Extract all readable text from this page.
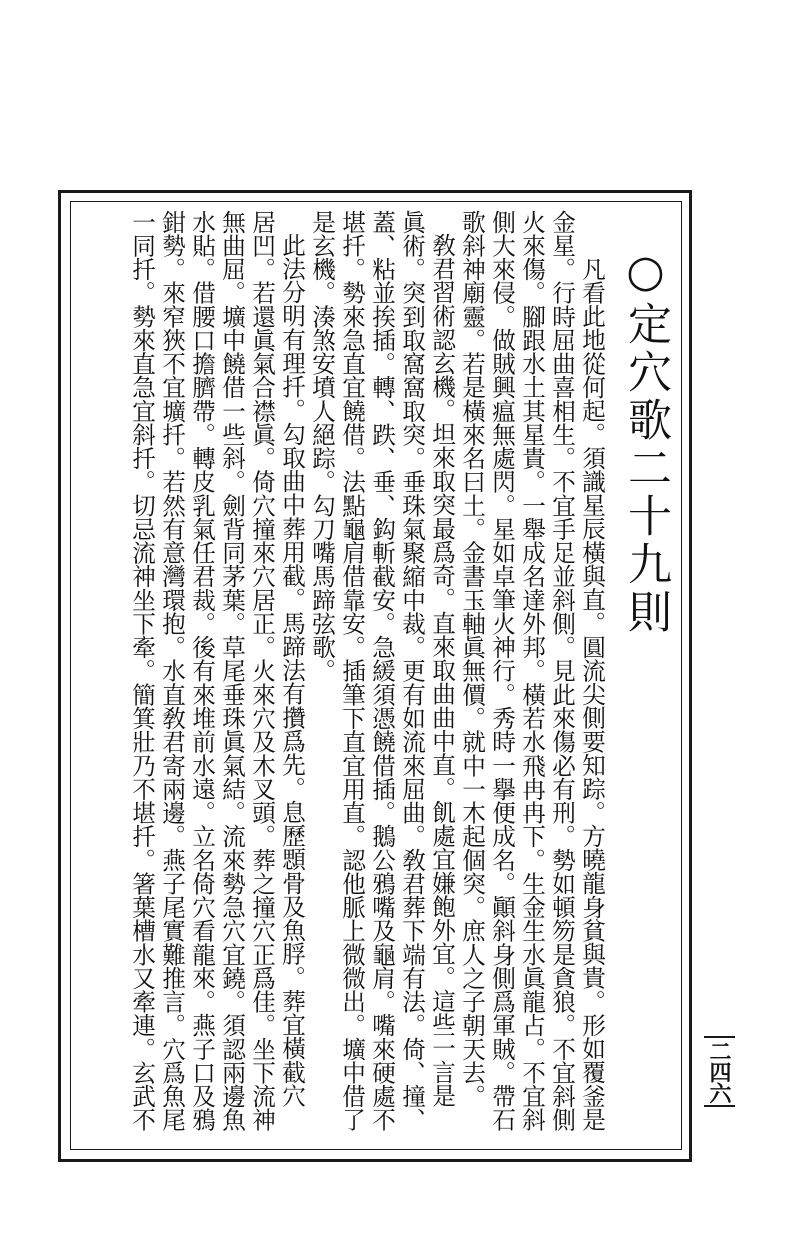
○定穴歌二十九則
凡看此地從何起。須識星辰橫與直。圓流尖側要知踪。方曉龍身貧與貴。形如覆釜是
金星。行時屈曲喜相生。不宜手足並斜側。見此來傷必有刑。勢如頓笏是貪狼。不宜斜側
火來傷。腳跟水土其星貴。一舉成名達外邦。橫若水飛冉冉下。生金生水眞龍占。不宜斜
側大來侵。做賊興瘟無處閃。星如卓筆火神行。秀時一擧便成名。顚斜身側爲軍賊。帶石
歌斜神廟靈。若是橫來名曰土。金書玉軸眞無價。就中一木起個突。庶人之子朝天去。
敎君習術認玄機。坦來取突最爲奇。直來取曲曲中直。飢處宜嫌飽外宜。這些一言是
眞術。突到取窩窩取突。垂珠氣聚縮中裁。更有如流來屈曲。敎君葬下端有法。倚、撞、
蓋、粘並挨插。轉、跌、垂、鈎斬截安。急緩須憑饒借插。鵝公鴉嘴及龜肩。嘴來硬處不
堪扦。勢來急直宜饒借。法點龜肩借靠安。插筆下直宜用直。認他脈上微微出。壙中借了
是玄機。湊煞安墳人絕踪。勾刀嘴馬蹄弦歌。
此法分明有理扦。勾取曲中葬用截。馬蹄法有攢爲先。息歷顋骨及魚脬。葬宜橫截穴
居凹。若還眞氣合襟眞。倚穴撞來穴居正。火來穴及木叉頭。葬之撞穴正爲佳。坐下流神
無曲屈。壙中饒借一些斜。劍背同茅葉。草尾垂珠眞氣結。流來勢急穴宜鐃。須認兩邊魚
水貼。借腰口擔臍帶。轉皮乳氣任君裁。後有來堆前水遠。立名倚穴看龍來。燕子口及鴉
鉗勢。來窄狹不宜壙扦。若然有意灣環抱。水直敎君寄兩邊。燕子尾實難推言。穴爲魚尾
一同扦。勢來直急宜斜扦。切忌流神坐下牽。簡箕壯乃不堪扦。箸葉槽水又牽連。玄武不	二四六
